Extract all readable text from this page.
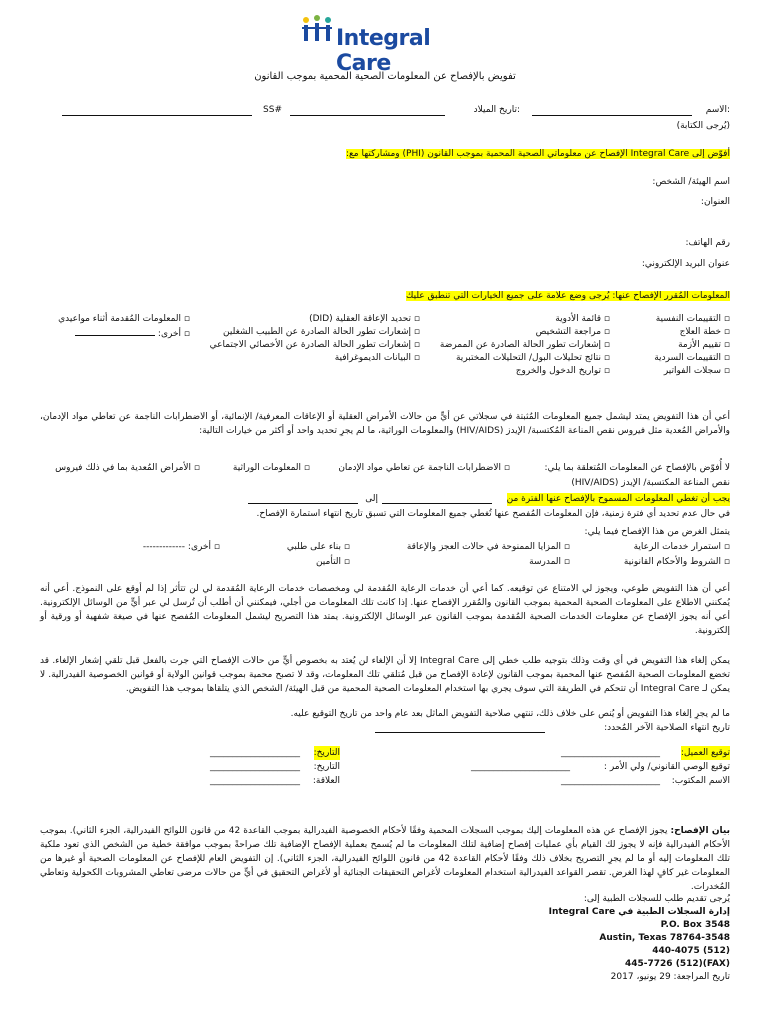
Integral Care
تفويض بالإفصاح عن المعلومات الصحية المحمية بموجب القانون
الاسم:
تاريخ الميلاد:
SS#
(يُرجى الكتابة)
أفوّض إلى Integral Care الإفصاح عن معلوماتي الصحية المحمية بموجب القانون (PHI) ومشاركتها مع:
اسم الهيئة/ الشخص:
العنوان:
رقم الهاتف:
عنوان البريد الإلكتروني:
المعلومات المُقرر الإفصاح عنها: يُرجى وضع علامة على جميع الخيارات التي تنطبق عليك
▫ التقييمات النفسية
▫ خطة العلاج
▫ تقييم الأزمة
▫ التقييمات السردية
▫ سجلات الفواتير
▫ قائمة الأدوية
▫ مراجعة التشخيص
▫ إشعارات تطور الحالة الصادرة عن الممرضة
▫ نتائج تحليلات البول/ التحليلات المختبرية
▫ تواريخ الدخول والخروج
▫ تحديد الإعاقة العقلية (DID)
▫ إشعارات تطور الحالة الصادرة عن الطبيب الشغلين
▫ إشعارات تطور الحالة الصادرة عن الأخصائي الاجتماعي
▫ البيانات الديموغرافية
▫ المعلومات المُقدمة أثناء مواعيدي
▫ أخرى:
أعي أن هذا التفويض يمتد ليشمل جميع المعلومات المُثبتة في سجلاتي عن أيٍّ من حالات الأمراض العقلية أو الإعاقات المعرفية/ الإنمائية، أو الاضطرابات الناجمة عن تعاطي مواد الإدمان، والأمراض المُعدية مثل فيروس نقص المناعة المُكتسبة/ الإيدز (HIV/AIDS) والمعلومات الوراثية، ما لم يجرِ تحديد واحد أو أكثر من خيارات التالية:
لا أُفوّض بالإفصاح عن المعلومات المُتعلقة بما يلي:
▫ الاضطرابات الناجمة عن تعاطي مواد الإدمان
▫ المعلومات الوراثية
▫ الأمراض المُعدية بما في ذلك فيروس
نقص المناعة المكتسبة/ الإيدز (HIV/AIDS)
يجب أن تغطي المعلومات المسموح بالإفصاح عنها الفترة من
إلى
في حال عدم تحديد أي فترة زمنية، فإن المعلومات المُفصح عنها تُغطي جميع المعلومات التي تسبق تاريخ انتهاء استمارة الإفصاح.
يتمثل الغرض من هذا الإفصاح فيما يلي:
▫ استمرار خدمات الرعاية
▫ المزايا الممنوحة في حالات العجز والإعاقة
▫ بناء على طلبي
▫ أخرى: -------------
▫ الشروط والأحكام القانونية
▫ المدرسة
▫ التأمين
أعي أن هذا التفويض طوعي، ويجوز لي الامتناع عن توقيعه. كما أعي أن خدمات الرعاية المُقدمة لي ومخصصات خدمات الرعاية المُقدمة لي لن تتأثر إذا لم أوقع على النموذج. أعي أنه يُمكنني الاطلاع على المعلومات الصحية المحمية بموجب القانون والمُقرر الإفصاح عنها. إذا كانت تلك المعلومات من أجلي، فيمكنني أن أطلب أن تُرسل لي عبر أيٍّ من الوسائل الإلكترونية. أعي أنه يجوز الإفصاح عن معلومات الخدمات الصحية المُقدمة بموجب القانون عبر الوسائل الإلكترونية. يمتد هذا التصريح ليشمل المعلومات المُفصح عنها في صيغة شفهية أو ورقية أو إلكترونية.
يمكن إلغاء هذا التفويض في أي وقت وذلك بتوجيه طلب خطي إلى Integral Care إلا أن الإلغاء لن يُعتد به بخصوص أيٍّ من حالات الإفصاح التي جرت بالفعل قبل تلقي إشعار الإلغاء. قد تخضع المعلومات الصحية المُفصح عنها المحمية بموجب القانون لإعادة الإفصاح من قبل مُتلقي تلك المعلومات، وقد لا تصبح محمية بموجب قوانين الولاية أو قوانين الخصوصية الفيدرالية. لا يمكن لـ Integral Care أن تتحكم في الطريقة التي سوف يجري بها استخدام المعلومات الصحية المحمية من قبل الهيئة/ الشخص الذي يتلقاها بموجب هذا التفويض.
ما لم يجرِ إلغاء هذا التفويض أو يُنص على خلاف ذلك، تنتهي صلاحية التفويض الماثل بعد عام واحد من تاريخ التوقيع عليه.
تاريخ انتهاء الصلاحية الآخر المُحدد:
توقيع العميل:
______________________
التاريخ:
____________________
توقيع الوصي القانوني/ ولي الأمر :
______________________
التاريخ:
____________________
الاسم المكتوب:
______________________
العلاقة:
____________________
بيان الإفصاح: يجوز الإفصاح عن هذه المعلومات إليك بموجب السجلات المحمية وفقًا لأحكام الخصوصية الفيدرالية بموجب القاعدة 42 من قانون اللوائح الفيدرالية، الجزء الثاني). بموجب الأحكام الفيدرالية فإنه لا يجوز لك القيام بأي عمليات إفصاح إضافية لتلك المعلومات ما لم يُسمح بعملية الإفصاح الإضافية تلك صراحةً بموجب موافقة خطية من الشخص الذي تعود ملكية تلك المعلومات إليه أو ما لم يجرِ التصريح بخلاف ذلك وفقًا لأحكام القاعدة 42 من قانون اللوائح الفيدرالية، الجزء الثاني). إن التفويض العام للإفصاح عن المعلومات الصحية أو غيرها من المعلومات غير كافٍ لهذا الغرض. تقصر القواعد الفيدرالية استخدام المعلومات لأغراض التحقيقات الجنائية أو لأغراض التحقيق في أيٍّ من حالات مرضى تعاطي المشروبات الكحولية وتعاطي المُخدرات.
يُرجى تقديم طلب للسجلات الطبية إلى:
إدارة السجلات الطبية في Integral Care
P.O. Box 3548
Austin, Texas 78764-3548
(512) 440-4075
(FAX)(512) 445-7726
تاريخ المراجعة: 29 يونيو، 2017
